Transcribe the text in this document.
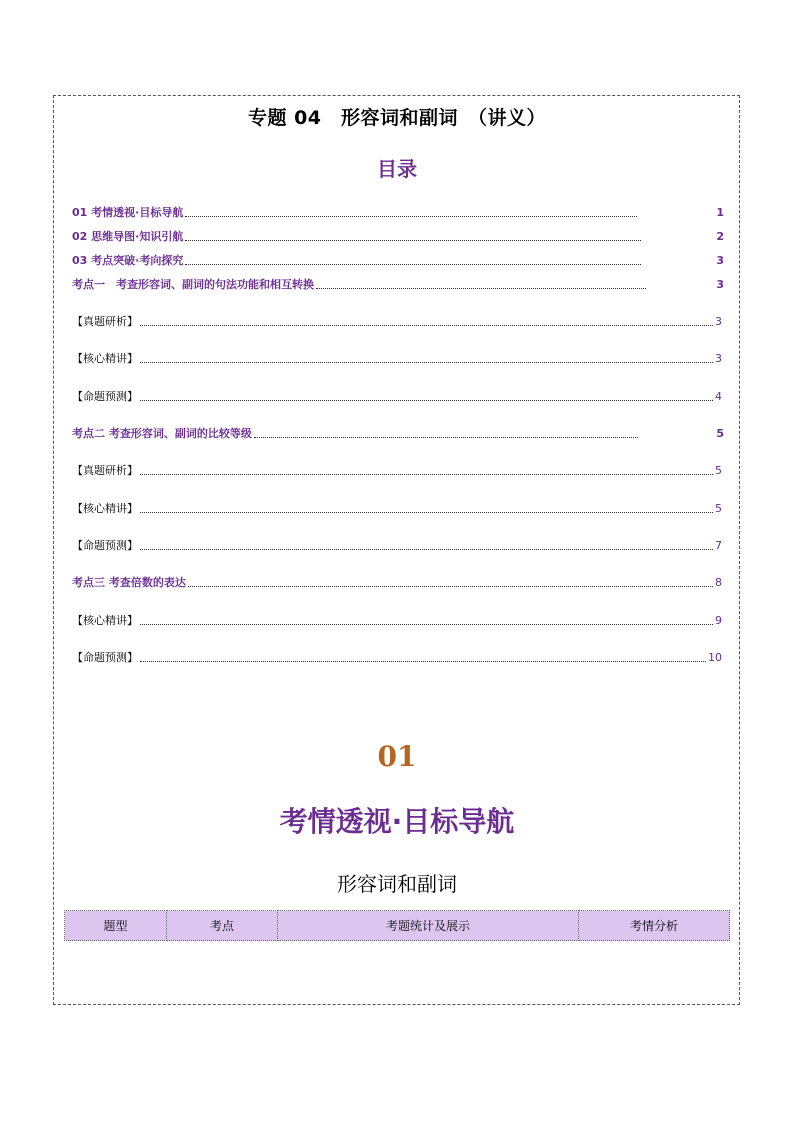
专题 04　形容词和副词　（讲义）
目录
01 考情透视·目标导航	1
02 思维导图·知识引航	2
03 考点突破·考向探究	3
考点一　考查形容词、副词的句法功能和相互转换	3
【真题研析】	3
【核心精讲】	3
【命题预测】	4
考点二 考查形容词、副词的比较等级	5
【真题研析】	5
【核心精讲】	5
【命题预测】	7
考点三 考查倍数的表达	8
【核心精讲】	9
【命题预测】	10
01
考情透视·目标导航
形容词和副词
题型	考点	考题统计及展示	考情分析
